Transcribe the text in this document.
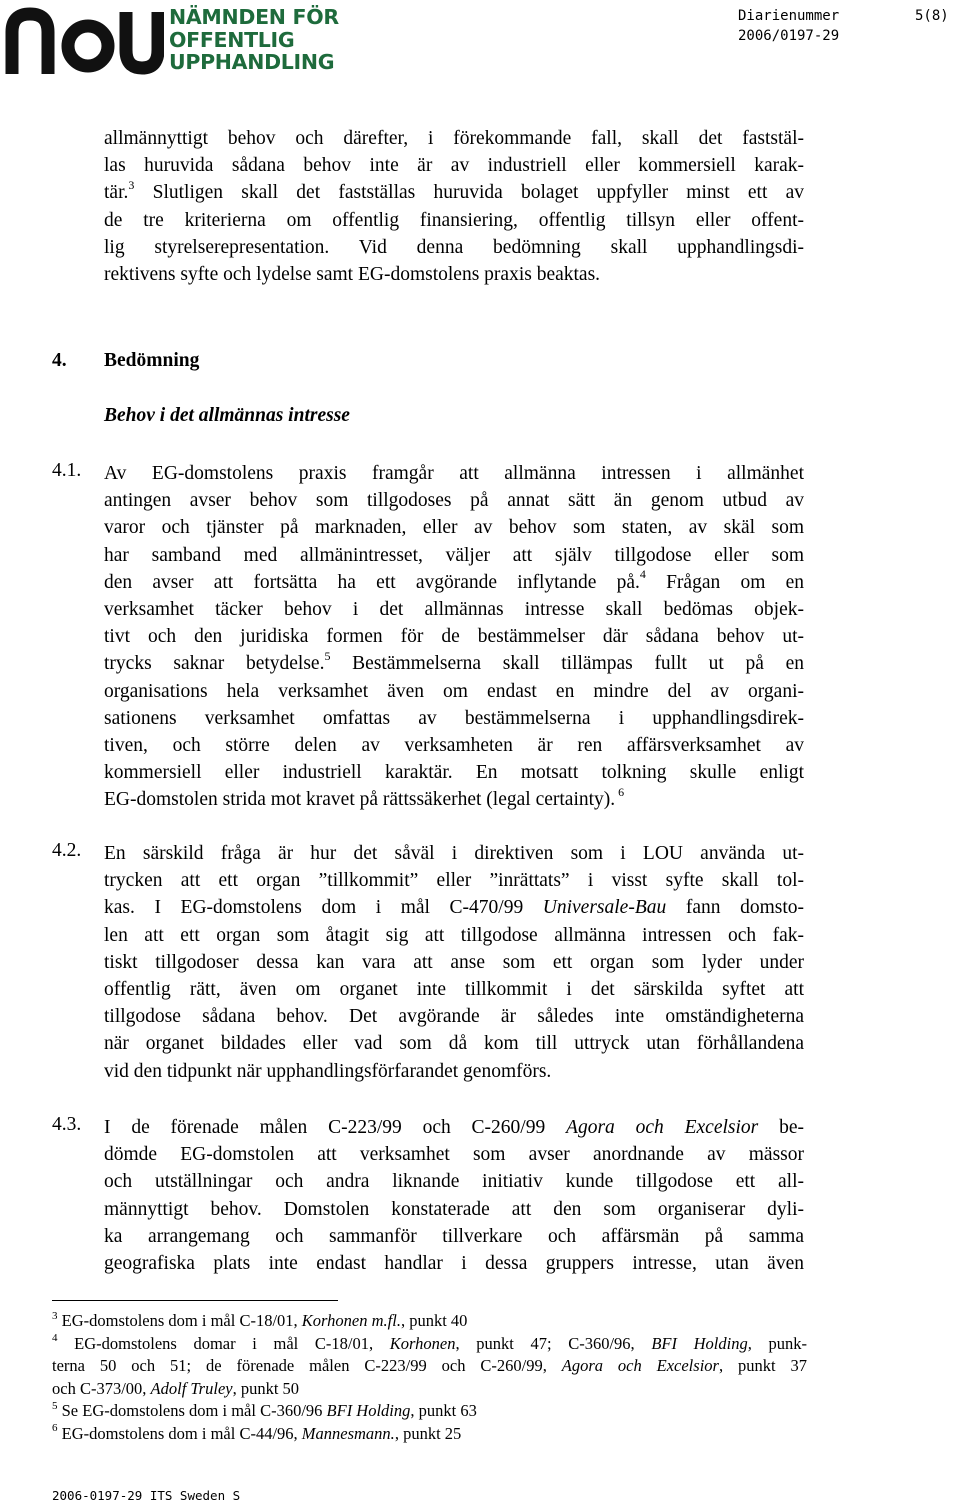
NÄMNDEN FÖR
OFFENTLIG
UPPHANDLING
Diarienummer
2006/0197-29
5(8)
allmännyttigt behov och därefter, i förekommande fall, skall det faststäl-
las huruvida sådana behov inte är av industriell eller kommersiell karak-
tär.$^3$ Slutligen skall det fastställas huruvida bolaget uppfyller minst ett av
de tre kriterierna om offentlig finansiering, offentlig tillsyn eller offent-
lig styrelserepresentation. Vid denna bedömning skall upphandlingsdi-
rektivens syfte och lydelse samt EG-domstolens praxis beaktas.
4. Bedömning
Behov i det allmännas intresse
4.1. Av EG-domstolens praxis framgår att allmänna intressen i allmänhet
antingen avser behov som tillgodoses på annat sätt än genom utbud av
varor och tjänster på marknaden, eller av behov som staten, av skäl som
har samband med allmänintresset, väljer att själv tillgodose eller som
den avser att fortsätta ha ett avgörande inflytande på.$^4$ Frågan om en
verksamhet täcker behov i det allmännas intresse skall bedömas objek-
tivt och den juridiska formen för de bestämmelser där sådana behov ut-
trycks saknar betydelse.$^5$ Bestämmelserna skall tillämpas fullt ut på en
organisations hela verksamhet även om endast en mindre del av organi-
sationens verksamhet omfattas av bestämmelserna i upphandlingsdirek-
tiven, och större delen av verksamheten är ren affärsverksamhet av
kommersiell eller industriell karaktär. En motsatt tolkning skulle enligt
EG-domstolen strida mot kravet på rättssäkerhet (legal certainty). $^6$
4.2. En särskild fråga är hur det såväl i direktiven som i LOU använda ut-
trycken att ett organ ”tillkommit” eller ”inrättats” i visst syfte skall tol-
kas. I EG-domstolens dom i mål C-470/99 Universale-Bau fann domsto-
len att ett organ som åtagit sig att tillgodose allmänna intressen och fak-
tiskt tillgodoser dessa kan vara att anse som ett organ som lyder under
offentlig rätt, även om organet inte tillkommit i det särskilda syftet att
tillgodose sådana behov. Det avgörande är således inte omständigheterna
när organet bildades eller vad som då kom till uttryck utan förhållandena
vid den tidpunkt när upphandlingsförfarandet genomförs.
4.3. I de förenade målen C-223/99 och C-260/99 Agora och Excelsior be-
dömde EG-domstolen att verksamhet som avser anordnande av mässor
och utställningar och andra liknande initiativ kunde tillgodose ett all-
männyttigt behov. Domstolen konstaterade att den som organiserar dyli-
ka arrangemang och sammanför tillverkare och affärsmän på samma
geografiska plats inte endast handlar i dessa gruppers intresse, utan även
$^3$ EG-domstolens dom i mål C-18/01, Korhonen m.fl., punkt 40
$^4$ EG-domstolens domar i mål C-18/01, Korhonen, punkt 47; C-360/96, BFI Holding, punk-
terna 50 och 51; de förenade målen C-223/99 och C-260/99, Agora och Excelsior, punkt 37
och C-373/00, Adolf Truley, punkt 50
$^5$ Se EG-domstolens dom i mål C-360/96 BFI Holding, punkt 63
$^6$ EG-domstolens dom i mål C-44/96, Mannesmann., punkt 25
2006-0197-29 ITS Sweden S
